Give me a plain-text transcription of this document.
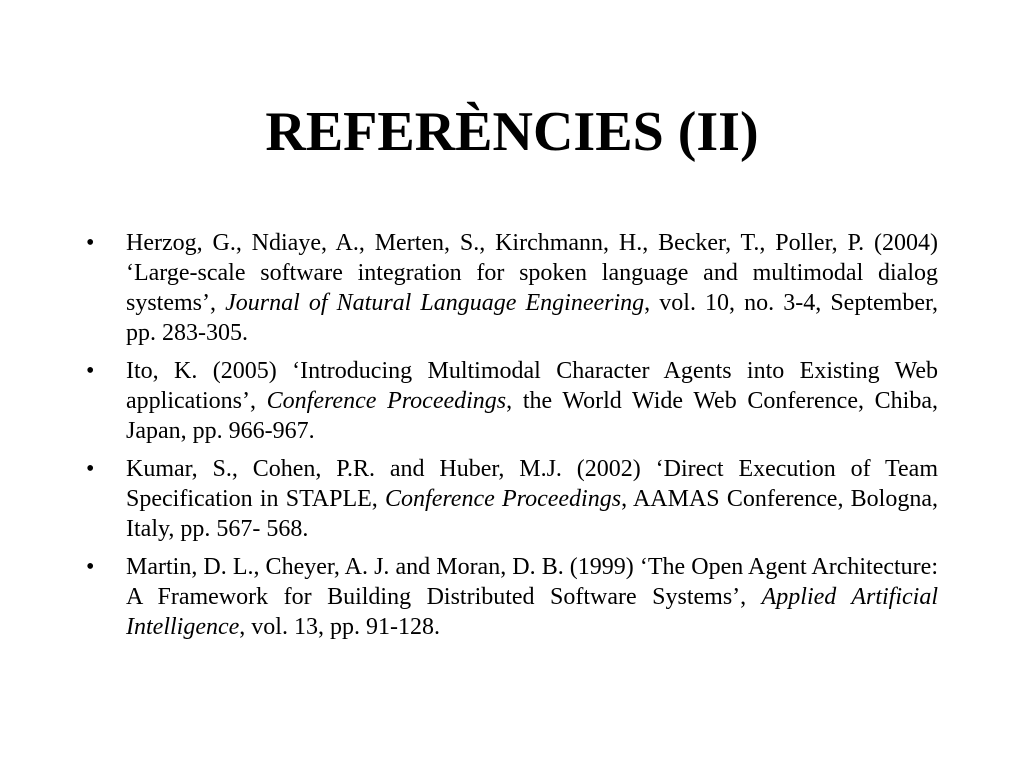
REFERÈNCIES (II)
•	Herzog, G., Ndiaye, A., Merten, S., Kirchmann, H., Becker, T., Poller, P. (2004) ‘Large-scale software integration for spoken language and multimodal dialog systems’, Journal of Natural Language Engineering, vol. 10, no. 3-4, September, pp. 283-305.
•	Ito, K. (2005) ‘Introducing Multimodal Character Agents into Existing Web applications’, Conference Proceedings, the World Wide Web Conference, Chiba, Japan, pp. 966-967.
•	Kumar, S., Cohen, P.R. and Huber, M.J. (2002) ‘Direct Execution of Team Specification in STAPLE, Conference Proceedings, AAMAS Conference, Bologna, Italy, pp. 567- 568.
•	Martin, D. L., Cheyer, A. J. and Moran, D. B. (1999) ‘The Open Agent Architecture: A Framework for Building Distributed Software Systems’, Applied Artificial Intelligence, vol. 13, pp. 91-128.
